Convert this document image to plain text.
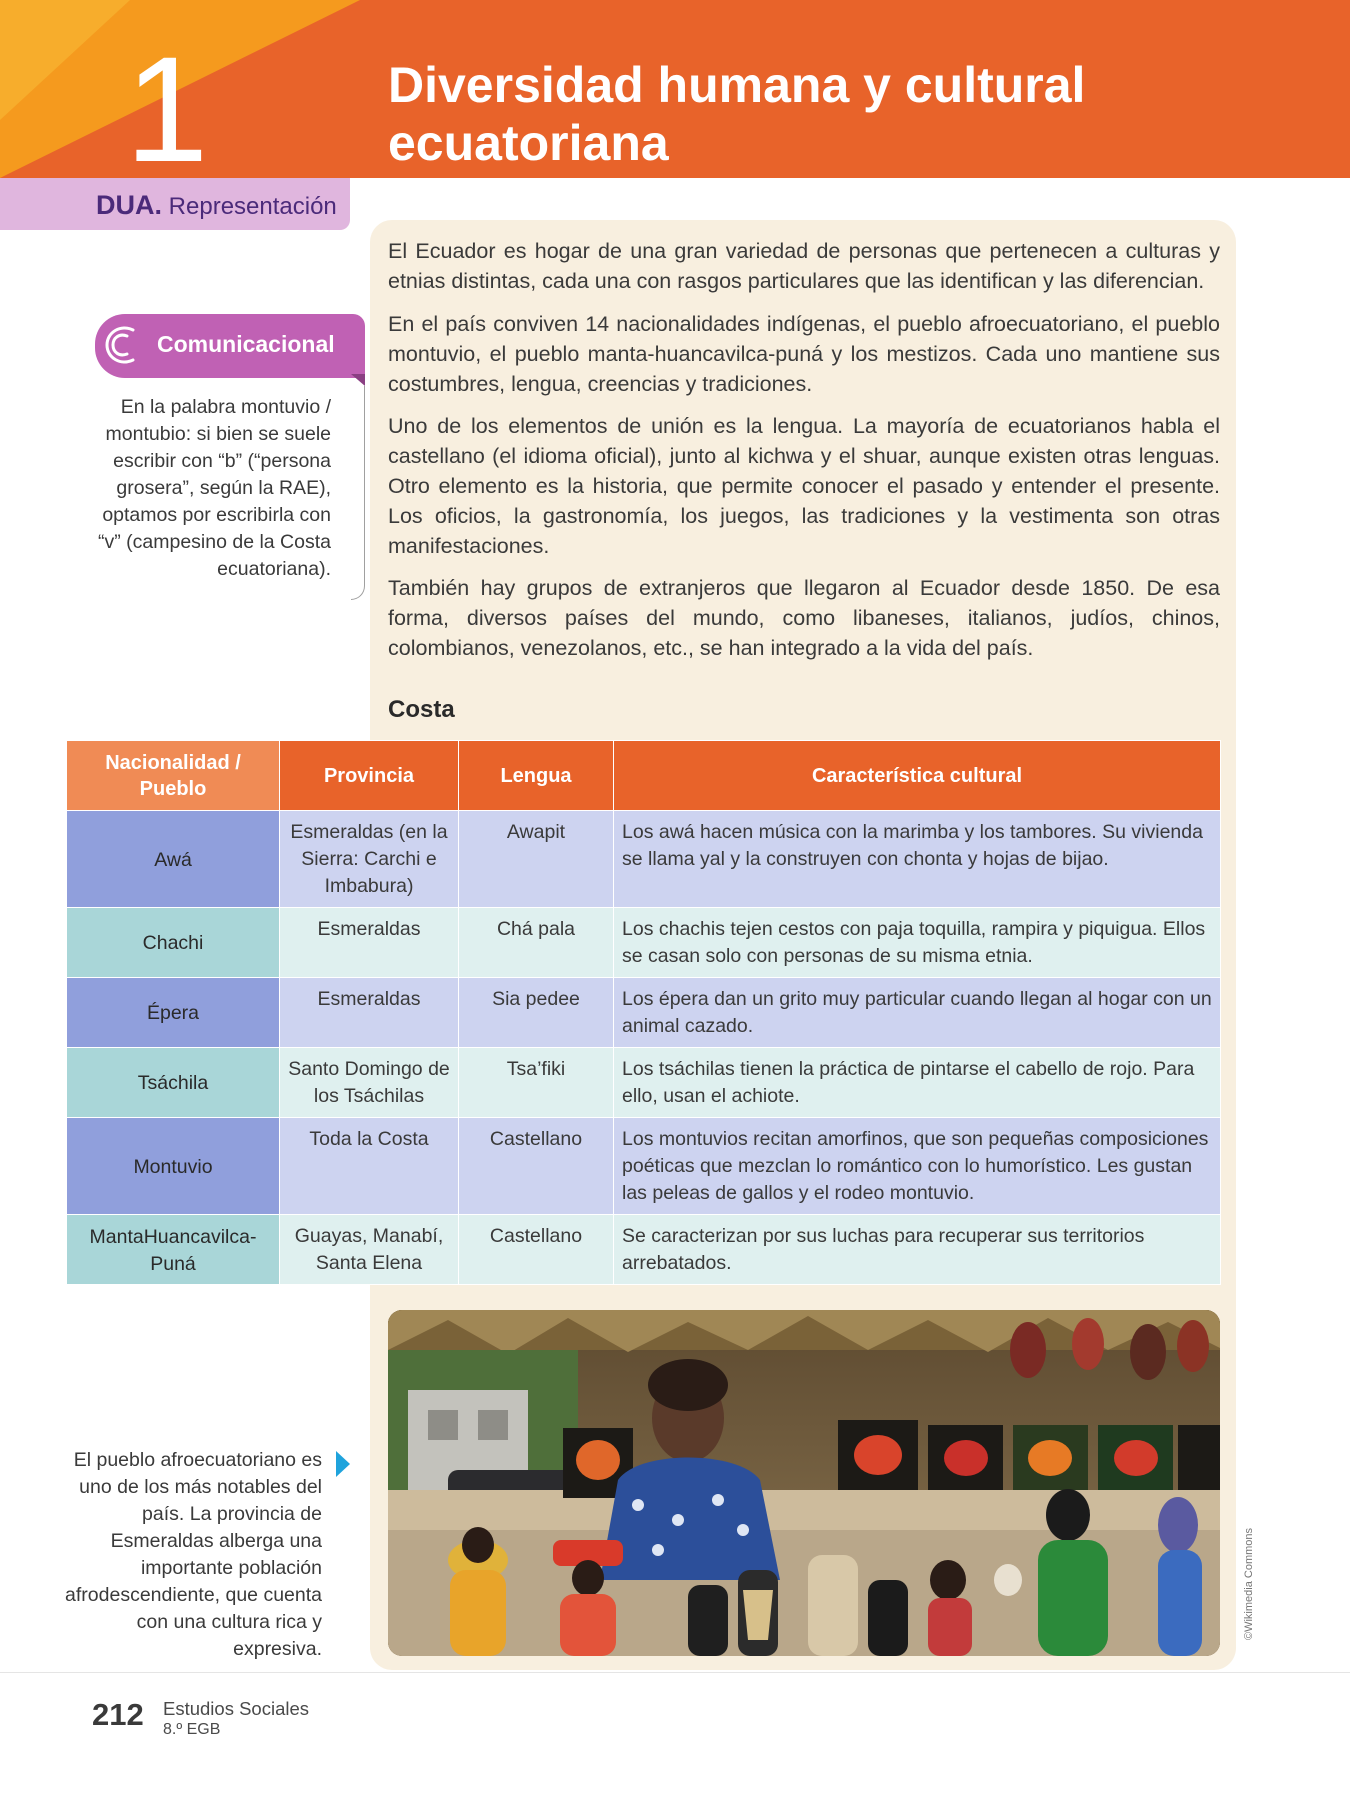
1	Diversidad humana y cultural ecuatoriana
DUA. Representación
Comunicacional
En la palabra montuvio / montubio: si bien se suele escribir con “b” (“persona grosera”, según la RAE), optamos por escribirla con “v” (campesino de la Costa ecuatoriana).

El Ecuador es hogar de una gran variedad de personas que pertenecen a culturas y etnias distintas, cada una con rasgos particulares que las identifican y las diferencian.

En el país conviven 14 nacionalidades indígenas, el pueblo afroecuatoriano, el pueblo montuvio, el pueblo manta-huancavilca-puná y los mestizos. Cada uno mantiene sus costumbres, lengua, creencias y tradiciones.

Uno de los elementos de unión es la lengua. La mayoría de ecuatorianos habla el castellano (el idioma oficial), junto al kichwa y el shuar, aunque existen otras lenguas. Otro elemento es la historia, que permite conocer el pasado y entender el presente. Los oficios, la gastronomía, los juegos, las tradiciones y la vestimenta son otras manifestaciones.

También hay grupos de extranjeros que llegaron al Ecuador desde 1850. De esa forma, diversos países del mundo, como libaneses, italianos, judíos, chinos, colombianos, venezolanos, etc., se han integrado a la vida del país.

Costa
Nacionalidad / Pueblo	Provincia	Lengua	Característica cultural
Awá	Esmeraldas (en la Sierra: Carchi e Imbabura)	Awapit	Los awá hacen música con la marimba y los tambores. Su vivienda se llama yal y la construyen con chonta y hojas de bijao.
Chachi	Esmeraldas	Chá pala	Los chachis tejen cestos con paja toquilla, rampira y piquigua. Ellos se casan solo con personas de su misma etnia.
Épera	Esmeraldas	Sia pedee	Los épera dan un grito muy particular cuando llegan al hogar con un animal cazado.
Tsáchila	Santo Domingo de los Tsáchilas	Tsa’fiki	Los tsáchilas tienen la práctica de pintarse el cabello de rojo. Para ello, usan el achiote.
Montuvio	Toda la Costa	Castellano	Los montuvios recitan amorfinos, que son pequeñas composiciones poéticas que mezclan lo romántico con lo humorístico. Les gustan las peleas de gallos y el rodeo montuvio.
MantaHuancavilca-Puná	Guayas, Manabí, Santa Elena	Castellano	Se caracterizan por sus luchas para recuperar sus territorios arrebatados.
©Wikimedia Commons
El pueblo afroecuatoriano es uno de los más notables del país. La provincia de Esmeraldas alberga una importante población afrodescendiente, que cuenta con una cultura rica y expresiva.
212 Estudios Sociales
8.º EGB
